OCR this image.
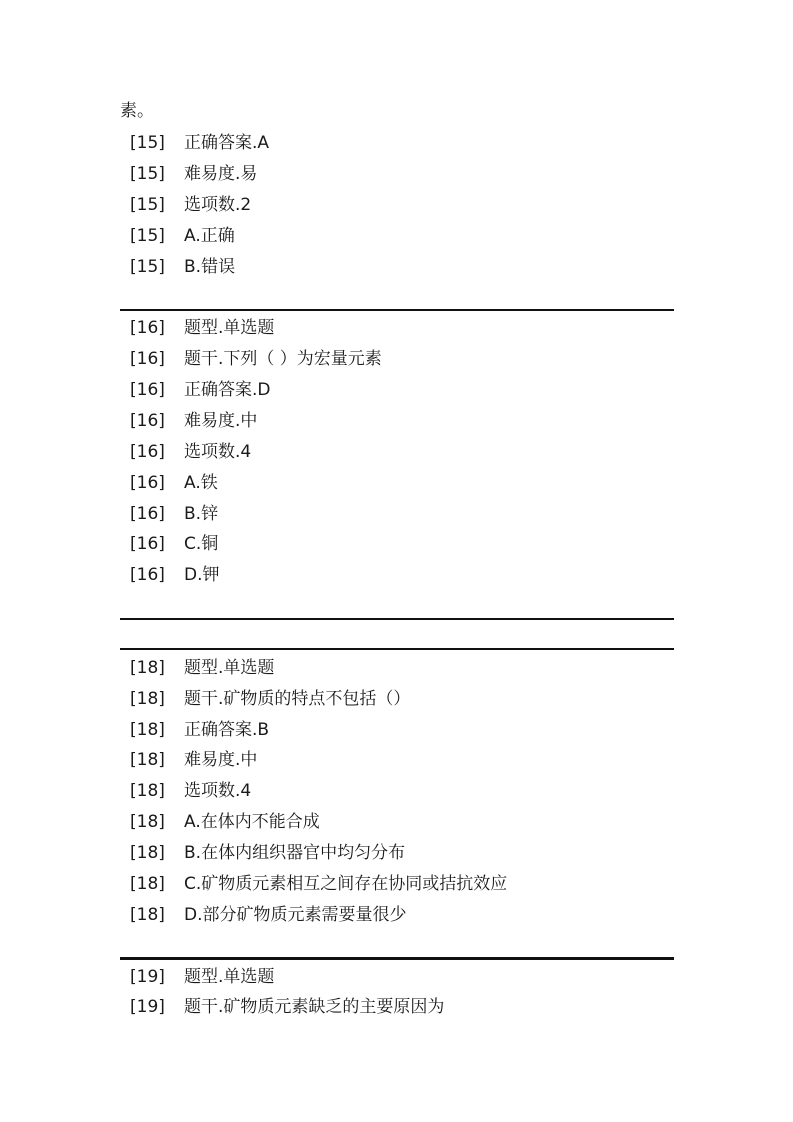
素。
[15] 正确答案.A
[15] 难易度.易
[15] 选项数.2
[15] A.正确
[15] B.错误
[16] 题型.单选题
[16] 题干.下列（ ）为宏量元素
[16] 正确答案.D
[16] 难易度.中
[16] 选项数.4
[16] A.铁
[16] B.锌
[16] C.铜
[16] D.钾
[18] 题型.单选题
[18] 题干.矿物质的特点不包括（）
[18] 正确答案.B
[18] 难易度.中
[18] 选项数.4
[18] A.在体内不能合成
[18] B.在体内组织器官中均匀分布
[18] C.矿物质元素相互之间存在协同或拮抗效应
[18] D.部分矿物质元素需要量很少
[19] 题型.单选题
[19] 题干.矿物质元素缺乏的主要原因为
